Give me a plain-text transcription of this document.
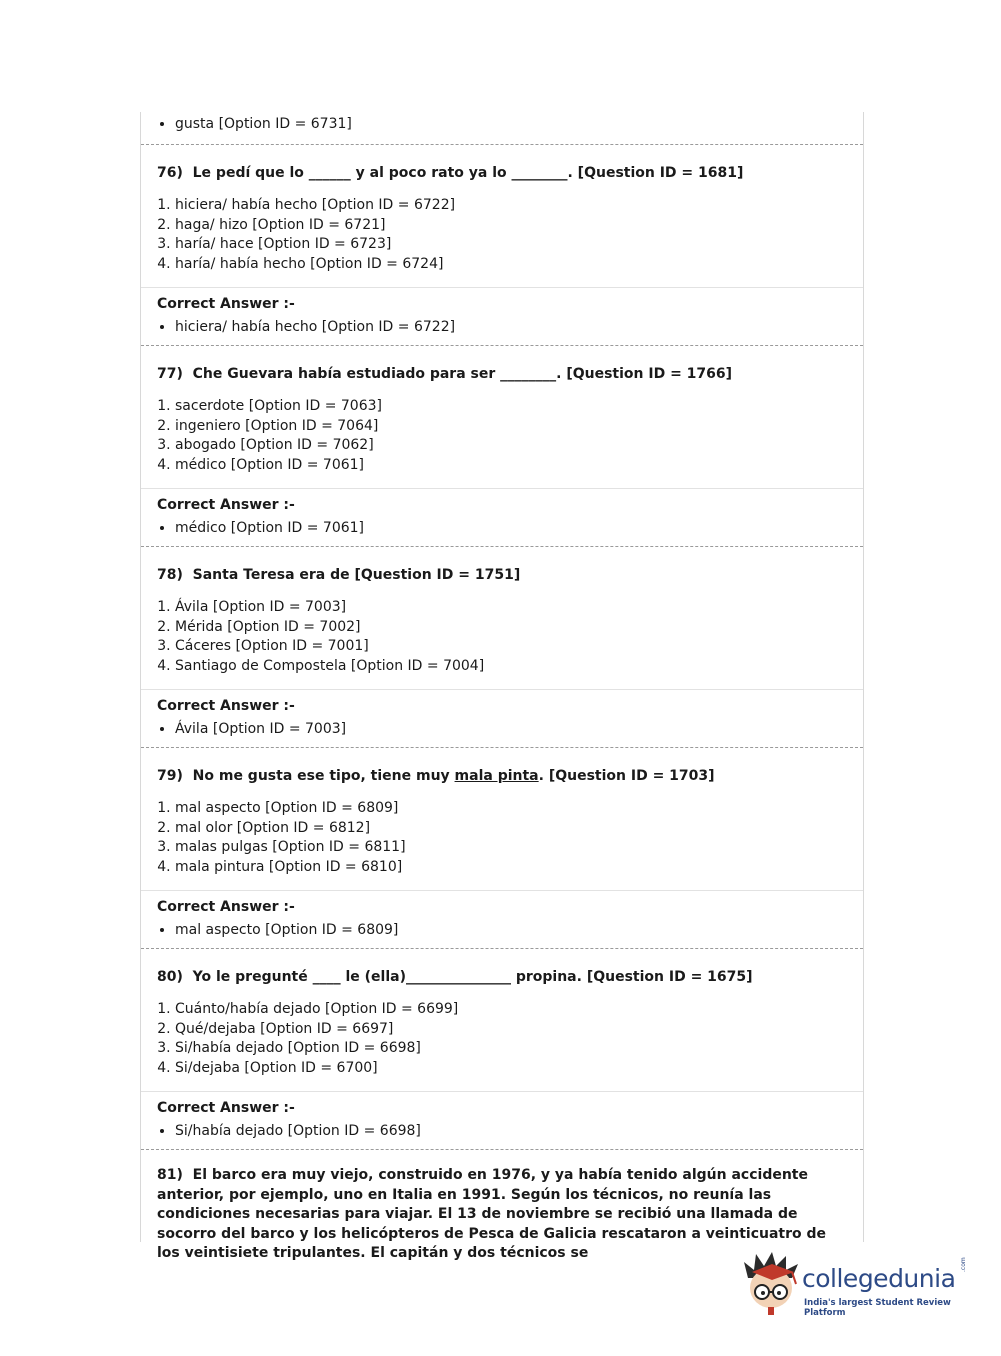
• gusta [Option ID = 6731]

76) Le pedí que lo ______ y al poco rato ya lo ________. [Question ID = 1681]

1. hiciera/ había hecho [Option ID = 6722]
2. haga/ hizo [Option ID = 6721]
3. haría/ hace [Option ID = 6723]
4. haría/ había hecho [Option ID = 6724]

Correct Answer :-

• hiciera/ había hecho [Option ID = 6722]

77) Che Guevara había estudiado para ser ________. [Question ID = 1766]

1. sacerdote [Option ID = 7063]
2. ingeniero [Option ID = 7064]
3. abogado [Option ID = 7062]
4. médico [Option ID = 7061]

Correct Answer :-

• médico [Option ID = 7061]

78) Santa Teresa era de [Question ID = 1751]

1. Ávila [Option ID = 7003]
2. Mérida [Option ID = 7002]
3. Cáceres [Option ID = 7001]
4. Santiago de Compostela [Option ID = 7004]

Correct Answer :-

• Ávila [Option ID = 7003]

79) No me gusta ese tipo, tiene muy mala pinta. [Question ID = 1703]

1. mal aspecto [Option ID = 6809]
2. mal olor [Option ID = 6812]
3. malas pulgas [Option ID = 6811]
4. mala pintura [Option ID = 6810]

Correct Answer :-

• mal aspecto [Option ID = 6809]

80) Yo le pregunté ____ le (ella)_______________ propina. [Question ID = 1675]

1. Cuánto/había dejado [Option ID = 6699]
2. Qué/dejaba [Option ID = 6697]
3. Si/había dejado [Option ID = 6698]
4. Si/dejaba [Option ID = 6700]

Correct Answer :-

• Si/había dejado [Option ID = 6698]

81) El barco era muy viejo, construido en 1976, y ya había tenido algún accidente anterior, por ejemplo, uno en Italia en 1991. Según los técnicos, no reunía las condiciones necesarias para viajar. El 13 de noviembre se recibió una llamada de socorro del barco y los helicópteros de Pesca de Galicia rescataron a veinticuatro de los veintisiete tripulantes. El capitán y dos técnicos se

collegedunia .com
India's largest Student Review Platform
